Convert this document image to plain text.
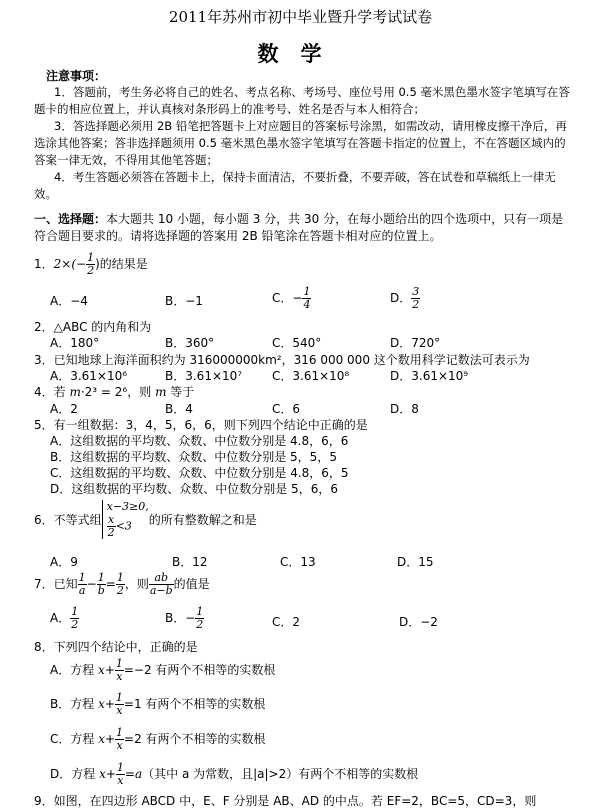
2011年苏州市初中毕业暨升学考试试卷
数学
注意事项：
1．答题前，考生务必将自己的姓名、考点名称、考场号、座位号用 0.5 毫米黑色墨水签字笔填写在答题卡的相应位置上，并认真核对条形码上的准考号、姓名是否与本人相符合；
3．答选择题必须用 2B 铅笔把答题卡上对应题目的答案标号涂黑，如需改动，请用橡皮擦干净后，再选涂其他答案；答非选择题须用 0.5 毫米黑色墨水签字笔填写在答题卡指定的位置上，不在答题区域内的答案一律无效，不得用其他笔答题；
4．考生答题必须答在答题卡上，保持卡面清洁，不要折叠，不要弄破，答在试卷和草稿纸上一律无效。
一、选择题：本大题共 10 小题，每小题 3 分，共 30 分，在每小题给出的四个选项中，只有一项是符合题目要求的。请将选择题的答案用 2B 铅笔涂在答题卡相对应的位置上。
1．$2\times(- \frac{1}{2}$ )的结果是
A．−4	B．−1	C．− $\frac{1}{4}$	D． $\frac{3}{2}$
2．△ABC 的内角和为
A．180°	B．360°	C．540°	D．720°
3．已知地球上海洋面积约为 316000000km²，316 000 000 这个数用科学记数法可表示为
A．3.61×10⁶	B．3.61×10⁷ C．3.61×10⁸	D．3.61×10⁹
4．若 m·2³ = 2⁶，则 m 等于
A．2	B．4	C．6	D．8
5．有一组数据：3，4，5，6，6，则下列四个结论中正确的是
A．这组数据的平均数、众数、中位数分别是 4.8，6，6
B．这组数据的平均数、众数、中位数分别是 5，5，5
C．这组数据的平均数、众数、中位数分别是 4.8，6，5
D．这组数据的平均数、众数、中位数分别是 5，6，6
6．不等式组
x−3≥0,
$\frac{x}{2} <3$	的所有整数解之和是
A．9	B．12	C．13	D．15
7．已知 $\frac{1}{a} - \frac{1}{b} = \frac{1}{2}$ ，则 $\frac{ab}{a-b}$ 的值是
A． $\frac{1}{2}$	B．− $\frac{1}{2}$	C．2	D．−2
8．下列四个结论中，正确的是
A．方程 $x+ \frac{1}{x} =-2$ 有两个不相等的实数根
B．方程 $x+ \frac{1}{x} =1$ 有两个不相等的实数根
C．方程 $x+ \frac{1}{x} =2$ 有两个不相等的实数根
D．方程 $x+ \frac{1}{x} =a$（其中 a 为常数，且|a|>2）有两个不相等的实数根
9．如图，在四边形 ABCD 中，E、F 分别是 AB、AD 的中点。若 EF=2，BC=5，CD=3，则
